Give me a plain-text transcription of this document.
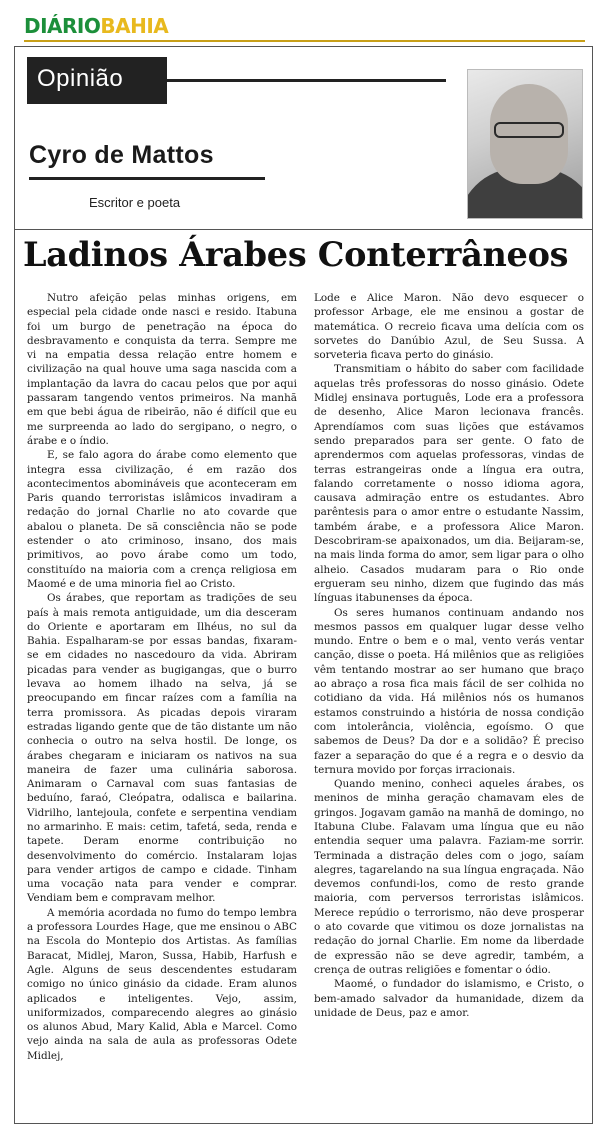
DIÁRIOBAHIA
Opinião
Cyro de Mattos
Escritor e poeta
Ladinos Árabes Conterrâneos

Nutro afeição pelas minhas origens, em especial pela cidade onde nasci e resido. Itabuna foi um burgo de penetração na época do desbravamento e conquista da terra. Sempre me vi na empatia dessa relação entre homem e civilização na qual houve uma saga nascida com a implantação da lavra do cacau pelos que por aqui passaram tangendo ventos primeiros. Na manhã em que bebi água de ribeirão, não é difícil que eu me surpreenda ao lado do sergipano, o negro, o árabe e o índio.

E, se falo agora do árabe como elemento que integra essa civilização, é em razão dos acontecimentos abomináveis que aconteceram em Paris quando terroristas islâmicos invadiram a redação do jornal Charlie no ato covarde que abalou o planeta. De sã consciência não se pode estender o ato criminoso, insano, dos mais primitivos, ao povo árabe como um todo, constituído na maioria com a crença religiosa em Maomé e de uma minoria fiel ao Cristo.

Os árabes, que reportam as tradições de seu país à mais remota antiguidade, um dia desceram do Oriente e aportaram em Ilhéus, no sul da Bahia. Espalharam-se por essas bandas, fixaram-se em cidades no nascedouro da vida. Abriram picadas para vender as bugigangas, que o burro levava ao homem ilhado na selva, já se preocupando em fincar raízes com a família na terra promissora. As picadas depois viraram estradas ligando gente que de tão distante um não conhecia o outro na selva hostil. De longe, os árabes chegaram e iniciaram os nativos na sua maneira de fazer uma culinária saborosa. Animaram o Carnaval com suas fantasias de beduíno, faraó, Cleópatra, odalisca e bailarina. Vidrilho, lantejoula, confete e serpentina vendiam no armarinho. E mais: cetim, tafetá, seda, renda e tapete. Deram enorme contribuição no desenvolvimento do comércio. Instalaram lojas para vender artigos de campo e cidade. Tinham uma vocação nata para vender e comprar. Vendiam bem e compravam melhor.

A memória acordada no fumo do tempo lembra a professora Lourdes Hage, que me ensinou o ABC na Escola do Montepio dos Artistas. As famílias Baracat, Midlej, Maron, Sussa, Habib, Harfush e Agle. Alguns de seus descendentes estudaram comigo no único ginásio da cidade. Eram alunos aplicados e inteligentes. Vejo, assim, uniformizados, comparecendo alegres ao ginásio os alunos Abud, Mary Kalid, Abla e Marcel. Como vejo ainda na sala de aula as professoras Odete Midlej,

Lode e Alice Maron. Não devo esquecer o professor Arbage, ele me ensinou a gostar de matemática. O recreio ficava uma delícia com os sorvetes do Danúbio Azul, de Seu Sussa. A sorveteria ficava perto do ginásio.

Transmitiam o hábito do saber com facilidade aquelas três professoras do nosso ginásio. Odete Midlej ensinava português, Lode era a professora de desenho, Alice Maron lecionava francês. Aprendíamos com suas lições que estávamos sendo preparados para ser gente. O fato de aprendermos com aquelas professoras, vindas de terras estrangeiras onde a língua era outra, falando corretamente o nosso idioma agora, causava admiração entre os estudantes. Abro parêntesis para o amor entre o estudante Nassim, também árabe, e a professora Alice Maron. Descobriram-se apaixonados, um dia. Beijaram-se, na mais linda forma do amor, sem ligar para o olho alheio. Casados mudaram para o Rio onde ergueram seu ninho, dizem que fugindo das más línguas itabunenses da época.

Os seres humanos continuam andando nos mesmos passos em qualquer lugar desse velho mundo. Entre o bem e o mal, vento verás ventar canção, disse o poeta. Há milênios que as religiões vêm tentando mostrar ao ser humano que braço ao abraço a rosa fica mais fácil de ser colhida no cotidiano da vida. Há milênios nós os humanos estamos construindo a história de nossa condição com intolerância, violência, egoísmo. O que sabemos de Deus? Da dor e a solidão? É preciso fazer a separação do que é a regra e o desvio da ternura movido por forças irracionais.

Quando menino, conheci aqueles árabes, os meninos de minha geração chamavam eles de gringos. Jogavam gamão na manhã de domingo, no Itabuna Clube. Falavam uma língua que eu não entendia sequer uma palavra. Faziam-me sorrir. Terminada a distração deles com o jogo, saíam alegres, tagarelando na sua língua engraçada. Não devemos confundi-los, como de resto grande maioria, com perversos terroristas islâmicos. Merece repúdio o terrorismo, não deve prosperar o ato covarde que vitimou os doze jornalistas na redação do jornal Charlie. Em nome da liberdade de expressão não se deve agredir, também, a crença de outras religiões e fomentar o ódio.

Maomé, o fundador do islamismo, e Cristo, o bem-amado salvador da humanidade, dizem da unidade de Deus, paz e amor.
